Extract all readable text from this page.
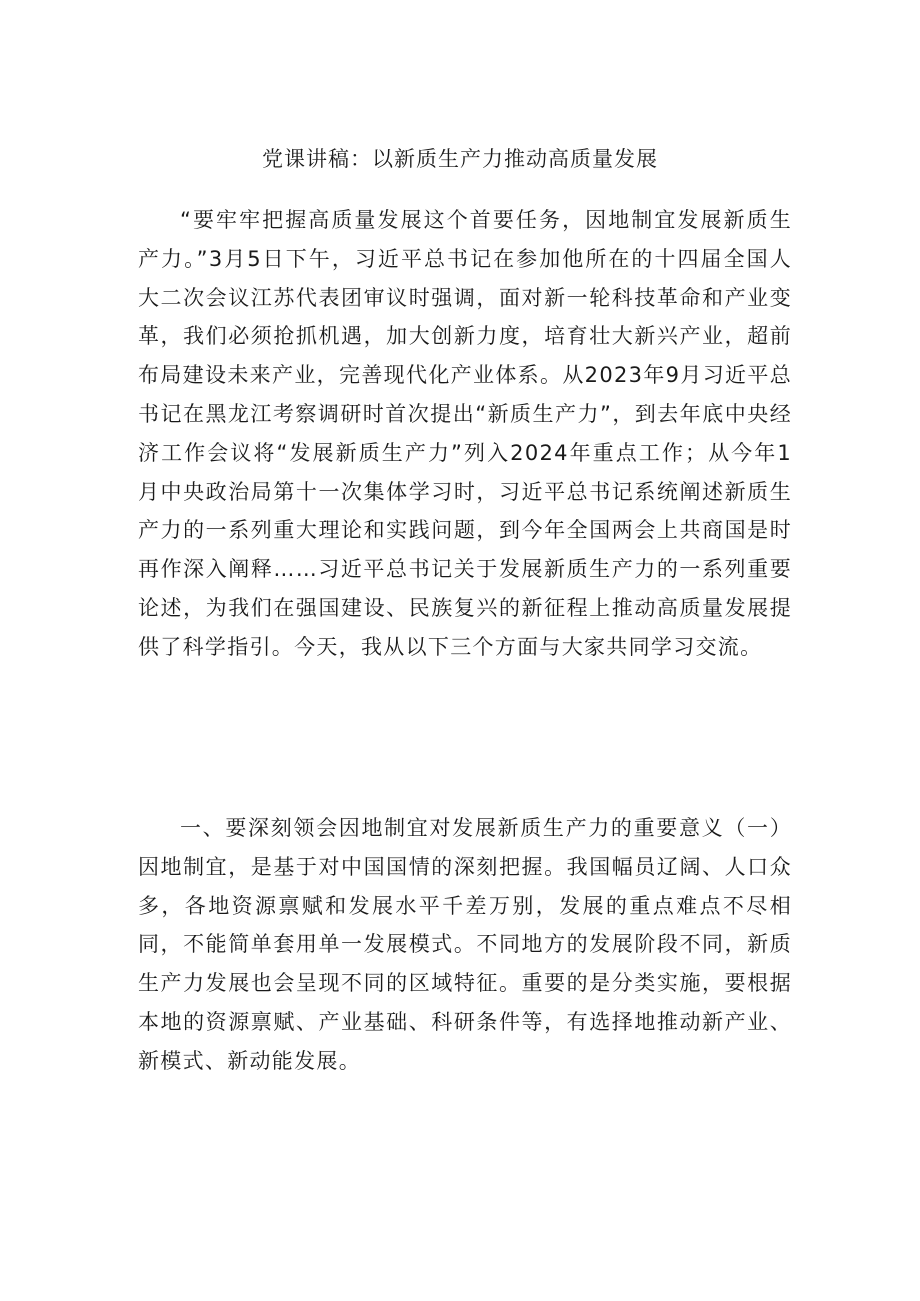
党课讲稿：以新质生产力推动高质量发展

“要牢牢把握高质量发展这个首要任务，因地制宜发展新质生产力。”3月5日下午，习近平总书记在参加他所在的十四届全国人大二次会议江苏代表团审议时强调，面对新一轮科技革命和产业变革，我们必须抢抓机遇，加大创新力度，培育壮大新兴产业，超前布局建设未来产业，完善现代化产业体系。从2023年9月习近平总书记在黑龙江考察调研时首次提出“新质生产力”，到去年底中央经济工作会议将“发展新质生产力”列入2024年重点工作；从今年1月中央政治局第十一次集体学习时，习近平总书记系统阐述新质生产力的一系列重大理论和实践问题，到今年全国两会上共商国是时再作深入阐释……习近平总书记关于发展新质生产力的一系列重要论述，为我们在强国建设、民族复兴的新征程上推动高质量发展提供了科学指引。今天，我从以下三个方面与大家共同学习交流。

一、要深刻领会因地制宜对发展新质生产力的重要意义（一）因地制宜，是基于对中国国情的深刻把握。我国幅员辽阔、人口众多，各地资源禀赋和发展水平千差万别，发展的重点难点不尽相同，不能简单套用单一发展模式。不同地方的发展阶段不同，新质生产力发展也会呈现不同的区域特征。重要的是分类实施，要根据本地的资源禀赋、产业基础、科研条件等，有选择地推动新产业、新模式、新动能发展。
